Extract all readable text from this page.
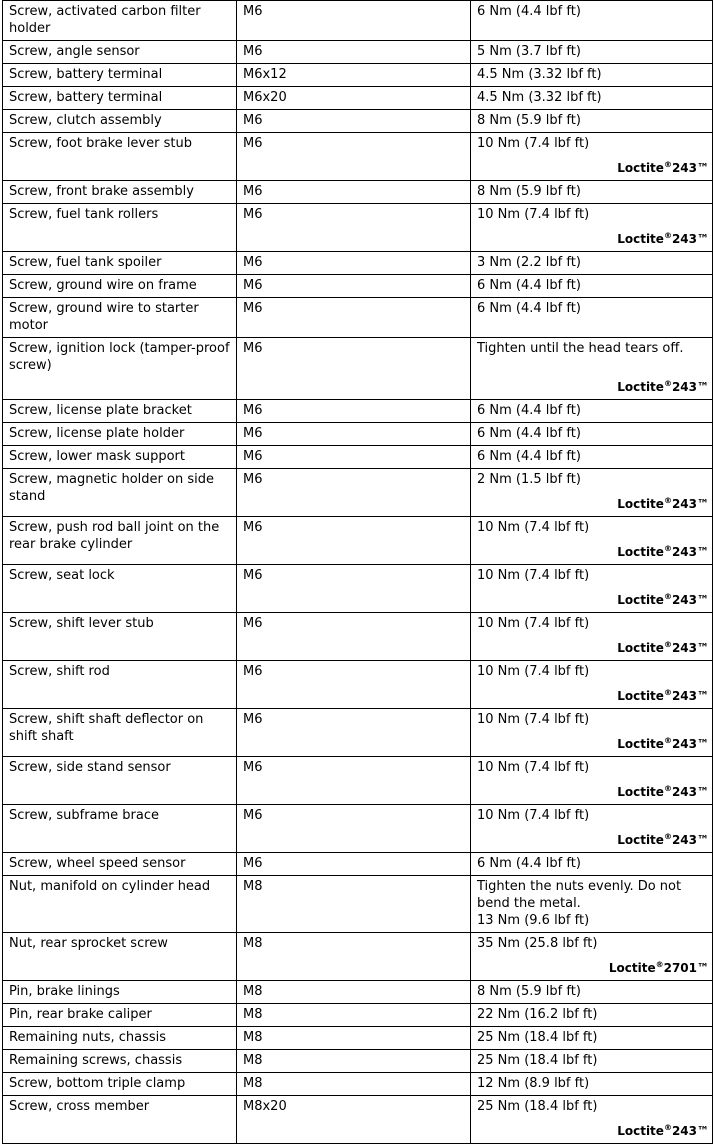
Screw, activated carbon filter holder	M6	6 Nm (4.4 lbf ft)

Screw, angle sensor	M6	5 Nm (3.7 lbf ft)

Screw, battery terminal	M6x12	4.5 Nm (3.32 lbf ft)

Screw, battery terminal	M6x20	4.5 Nm (3.32 lbf ft)

Screw, clutch assembly	M6	8 Nm (5.9 lbf ft)

Screw, foot brake lever stub	M6	10 Nm (7.4 lbf ft)
Loctite®243™

Screw, front brake assembly	M6	8 Nm (5.9 lbf ft)

Screw, fuel tank rollers	M6	10 Nm (7.4 lbf ft)
Loctite®243™

Screw, fuel tank spoiler	M6	3 Nm (2.2 lbf ft)

Screw, ground wire on frame	M6	6 Nm (4.4 lbf ft)

Screw, ground wire to starter motor	M6	6 Nm (4.4 lbf ft)

Screw, ignition lock (tamper-proof screw)	M6	Tighten until the head tears off.
Loctite®243™

Screw, license plate bracket	M6	6 Nm (4.4 lbf ft)

Screw, license plate holder	M6	6 Nm (4.4 lbf ft)

Screw, lower mask support	M6	6 Nm (4.4 lbf ft)

Screw, magnetic holder on side stand	M6	2 Nm (1.5 lbf ft)
Loctite®243™

Screw, push rod ball joint on the rear brake cylinder	M6	10 Nm (7.4 lbf ft)
Loctite®243™

Screw, seat lock	M6	10 Nm (7.4 lbf ft)
Loctite®243™

Screw, shift lever stub	M6	10 Nm (7.4 lbf ft)
Loctite®243™

Screw, shift rod	M6	10 Nm (7.4 lbf ft)
Loctite®243™

Screw, shift shaft deflector on shift shaft	M6	10 Nm (7.4 lbf ft)
Loctite®243™

Screw, side stand sensor	M6	10 Nm (7.4 lbf ft)
Loctite®243™

Screw, subframe brace	M6	10 Nm (7.4 lbf ft)
Loctite®243™

Screw, wheel speed sensor	M6	6 Nm (4.4 lbf ft)

Nut, manifold on cylinder head	M8	Tighten the nuts evenly. Do not bend the metal.
13 Nm (9.6 lbf ft)

Nut, rear sprocket screw	M8	35 Nm (25.8 lbf ft)
Loctite®2701™

Pin, brake linings	M8	8 Nm (5.9 lbf ft)

Pin, rear brake caliper	M8	22 Nm (16.2 lbf ft)

Remaining nuts, chassis	M8	25 Nm (18.4 lbf ft)

Remaining screws, chassis	M8	25 Nm (18.4 lbf ft)

Screw, bottom triple clamp	M8	12 Nm (8.9 lbf ft)

Screw, cross member	M8x20	25 Nm (18.4 lbf ft)
Loctite®243™
